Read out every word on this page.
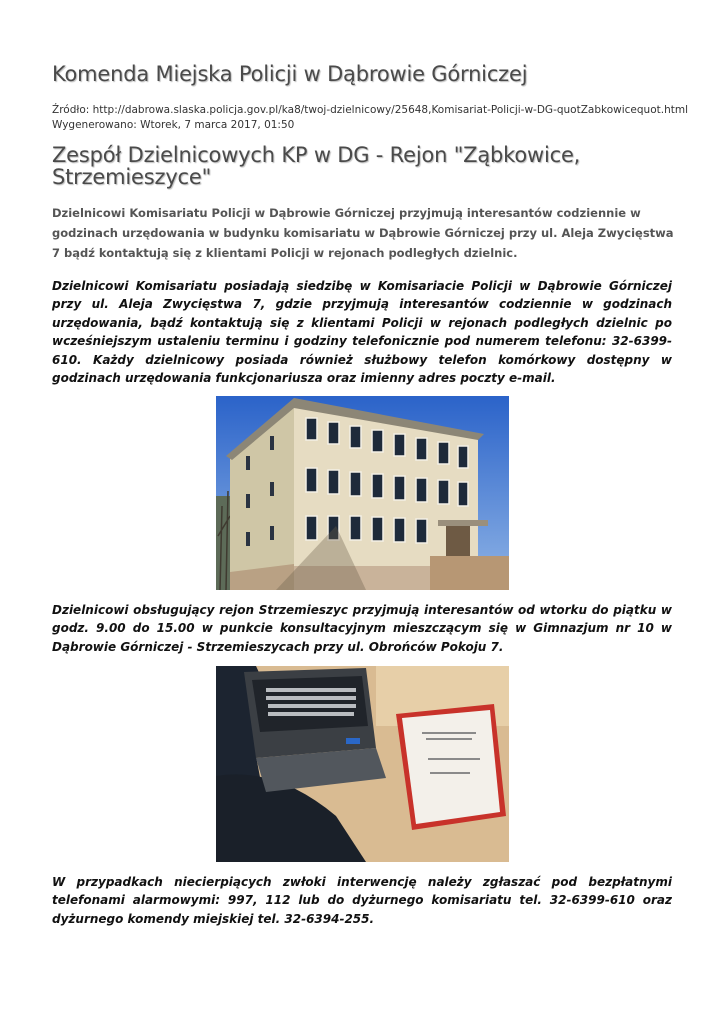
Komenda Miejska Policji w Dąbrowie Górniczej
Źródło: http://dabrowa.slaska.policja.gov.pl/ka8/twoj-dzielnicowy/25648,Komisariat-Policji-w-DG-quotZabkowicequot.html
Wygenerowano: Wtorek, 7 marca 2017, 01:50
Zespół Dzielnicowych KP w DG - Rejon "Ząbkowice, Strzemieszyce"
Dzielnicowi Komisariatu Policji w Dąbrowie Górniczej przyjmują interesantów codziennie w godzinach urzędowania w budynku komisariatu w Dąbrowie Górniczej przy ul. Aleja Zwycięstwa 7 bądź kontaktują się z klientami Policji w rejonach podległych dzielnic.
Dzielnicowi Komisariatu posiadają siedzibę w Komisariacie Policji w Dąbrowie Górniczej przy ul. Aleja Zwycięstwa 7, gdzie przyjmują interesantów codziennie w godzinach urzędowania, bądź kontaktują się z klientami Policji w rejonach podległych dzielnic po wcześniejszym ustaleniu terminu i godziny telefonicznie pod numerem telefonu: 32-6399-610. Każdy dzielnicowy posiada również służbowy telefon komórkowy dostępny w godzinach urzędowania funkcjonariusza oraz imienny adres poczty e-mail.
Dzielnicowi obsługujący rejon Strzemieszyc przyjmują interesantów od wtorku do piątku w godz. 9.00 do 15.00 w punkcie konsultacyjnym mieszczącym się w Gimnazjum nr 10 w Dąbrowie Górniczej - Strzemieszycach przy ul. Obrońców Pokoju 7.
W przypadkach niecierpiących zwłoki interwencję należy zgłaszać pod bezpłatnymi telefonami alarmowymi: 997, 112 lub do dyżurnego komisariatu tel. 32-6399-610 oraz dyżurnego komendy miejskiej tel. 32-6394-255.
